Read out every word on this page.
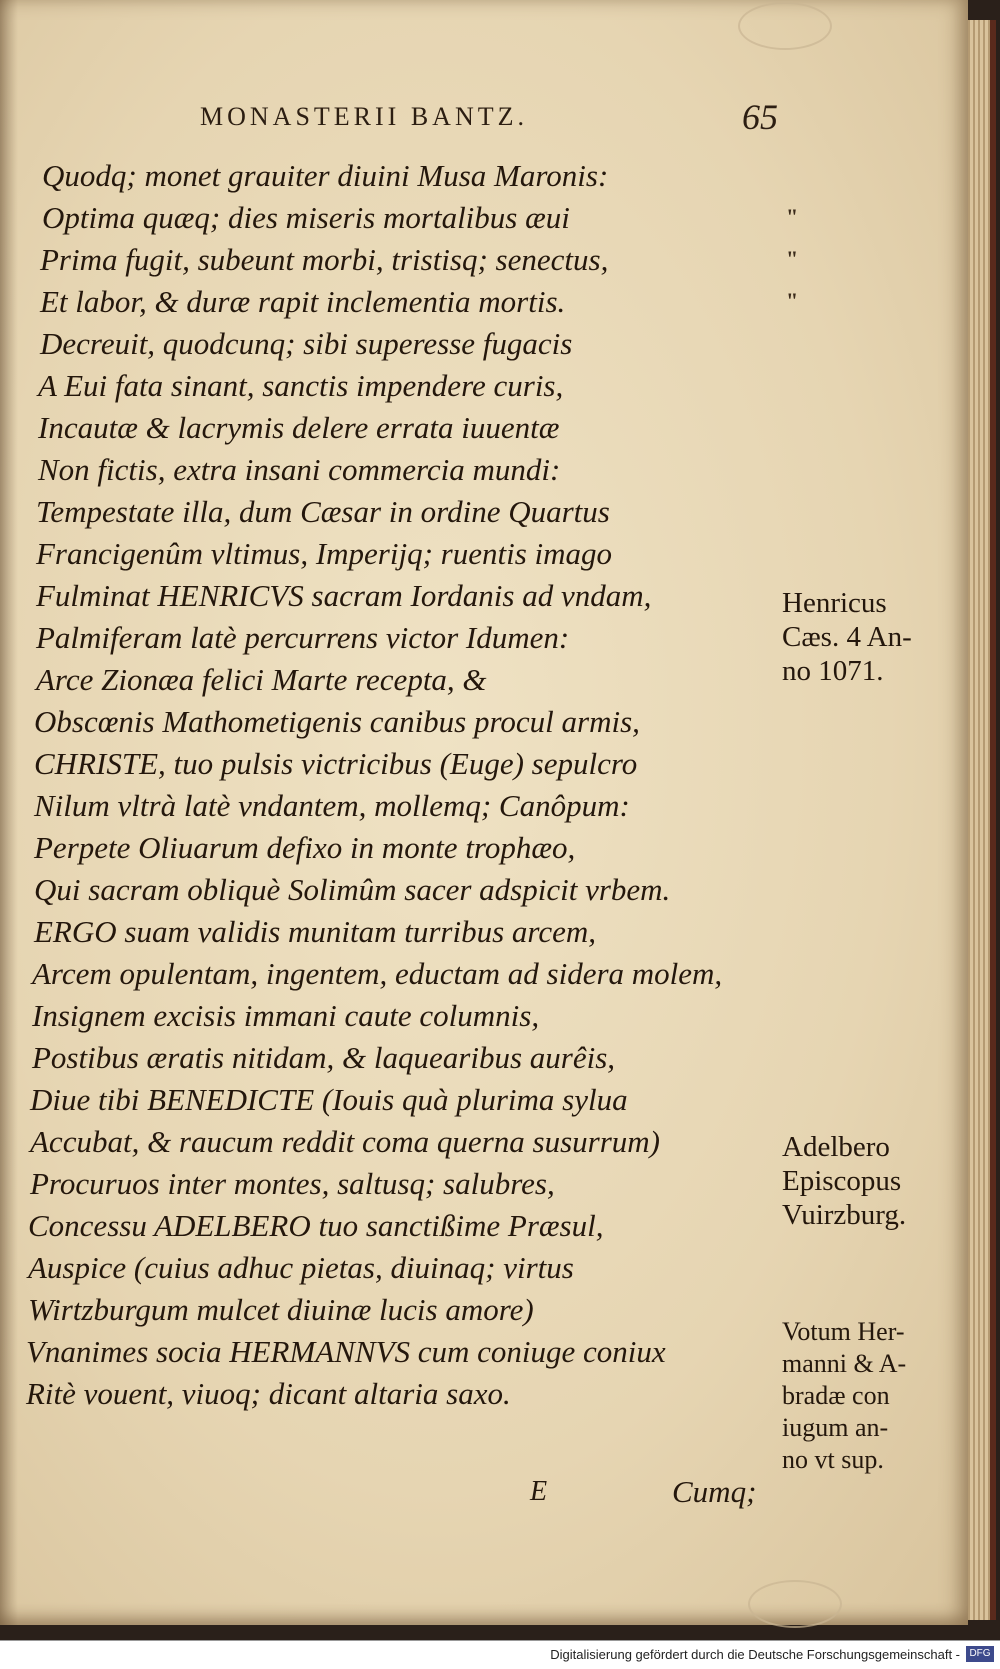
MONASTERII BANTZ.	65
Quodq; monet grauiter diuini Musa Maronis:
Optima quæq; dies miseris mortalibus æui
Prima fugit, subeunt morbi, tristisq; senectus,
Et labor, & duræ rapit inclementia mortis.
Decreuit, quodcunq; sibi superesse fugacis
A Eui fata sinant, sanctis impendere curis,
Incautæ & lacrymis delere errata iuuentæ
Non fictis, extra insani commercia mundi:
Tempestate illa, dum Cæsar in ordine Quartus
Francigenûm vltimus, Imperijq; ruentis imago
Fulminat HENRICVS sacram Iordanis ad vndam,
Palmiferam latè percurrens victor Idumen:
Arce Zionæa felici Marte recepta, &
Obscœnis Mathometigenis canibus procul armis,
CHRISTE, tuo pulsis victricibus (Euge) sepulcro
Nilum vltrà latè vndantem, mollemq; Canôpum:
Perpete Oliuarum defixo in monte trophæo,
Qui sacram obliquè Solimûm sacer adspicit vrbem.
ERGO suam validis munitam turribus arcem,
Arcem opulentam, ingentem, eductam ad sidera molem,
Insignem excisis immani caute columnis,
Postibus æratis nitidam, & laquearibus aurêis,
Diue tibi BENEDICTE (Iouis quà plurima sylua
Accubat, & raucum reddit coma querna susurrum)
Procuruos inter montes, saltusq; salubres,
Concessu ADELBERO tuo sanctißime Præsul,
Auspice (cuius adhuc pietas, diuinaq; virtus
Wirtzburgum mulcet diuinæ lucis amore)
Vnanimes socia HERMANNVS cum coniuge coniux
Ritè vouent, viuoq; dicant altaria saxo.
"
"
"
Henricus
Cæs. 4 An-
no 1071.
Adelbero
Episcopus
Vuirzburg.
Votum Her-
manni & A-
bradæ con
iugum an-
no vt sup.
E	Cumq;
Digitalisierung gefördert durch die Deutsche Forschungsgemeinschaft - DFG
